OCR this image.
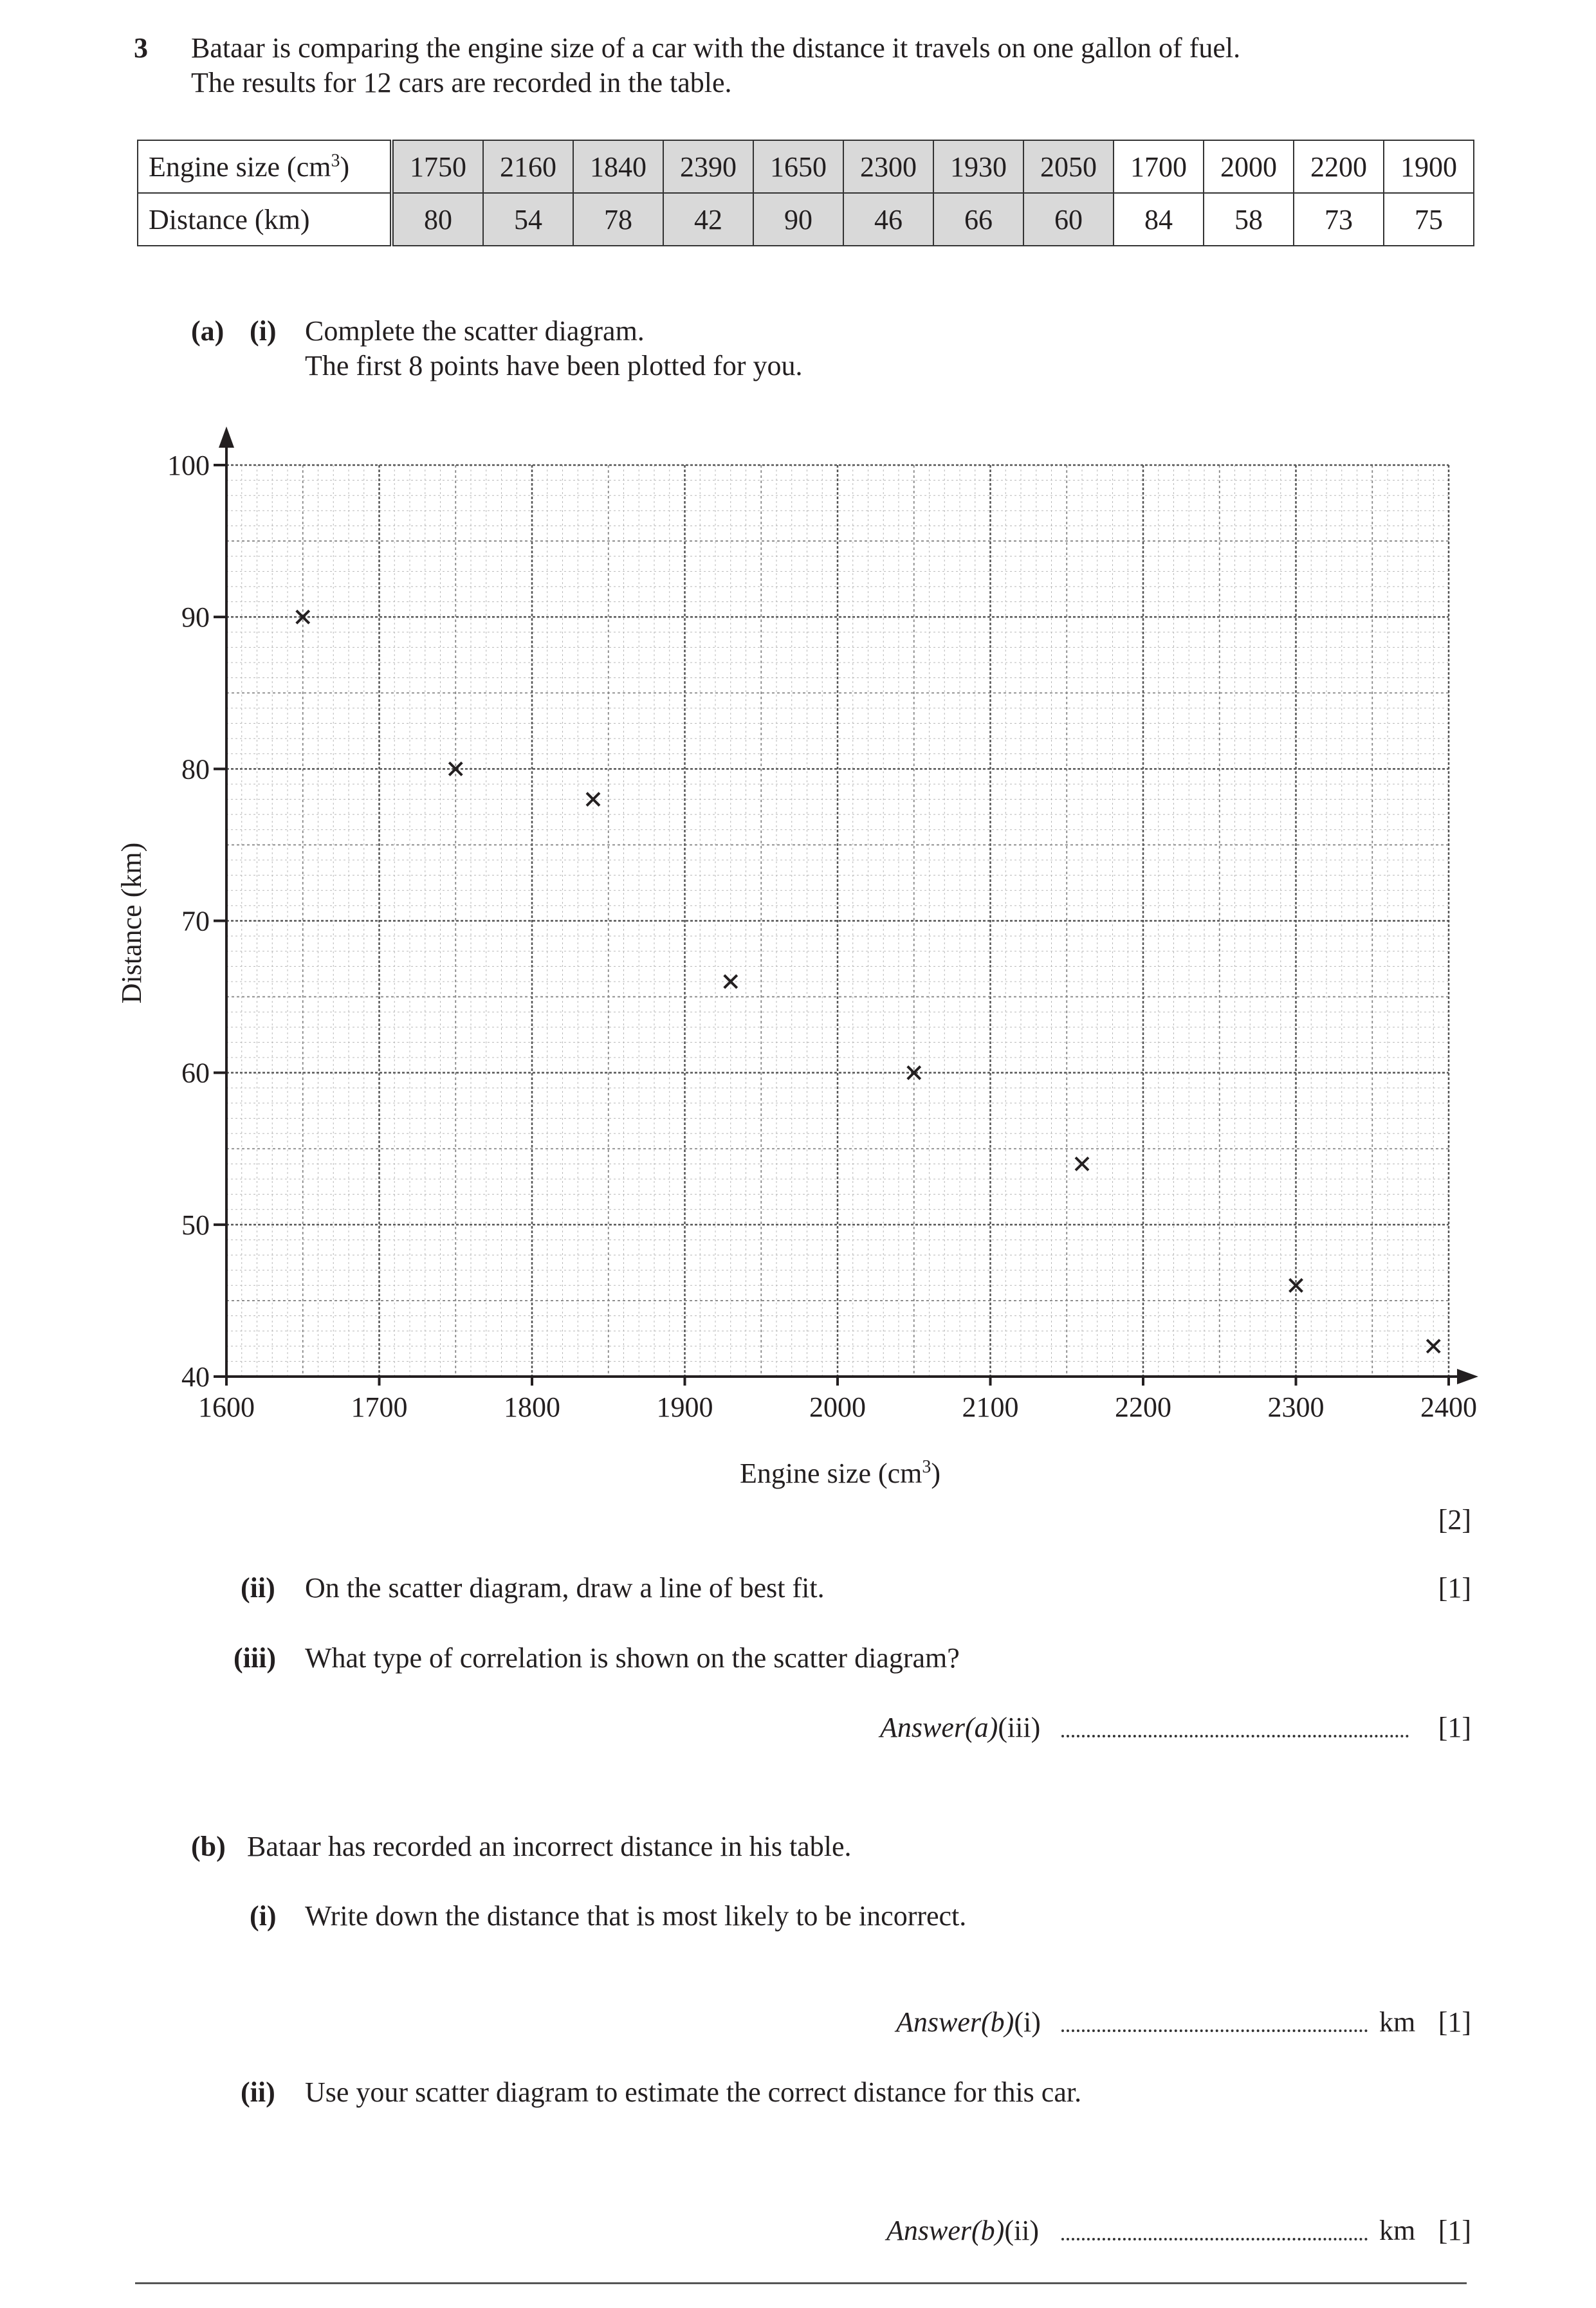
3 Bataar is comparing the engine size of a car with the distance it travels on one gallon of fuel.
The results for 12 cars are recorded in the table.
Engine size $(cm^3)$	1750	2160	1840	2390	1650	2300	1930	2050	1700	2000	2200	1900
Distance (km)	80	54	78	42	90	46	66	60	84	58	73	75
(a) (i) Complete the scatter diagram.
The first 8 points have been plotted for you.
40
50
60
70
80
90
100
1600	1700	1800	1900	2000	2100	2200	2300	2400
Distance (km)
Engine size $(cm^3)$
[2]
(ii) On the scatter diagram, draw a line of best fit.	[1]
(iii) What type of correlation is shown on the scatter diagram?
Answer(a)(iii)	[1]
(b) Bataar has recorded an incorrect distance in his table.
(i) Write down the distance that is most likely to be incorrect.
Answer(b)(i)	km [1]
(ii) Use your scatter diagram to estimate the correct distance for this car.
Answer(b)(ii)	km [1]
